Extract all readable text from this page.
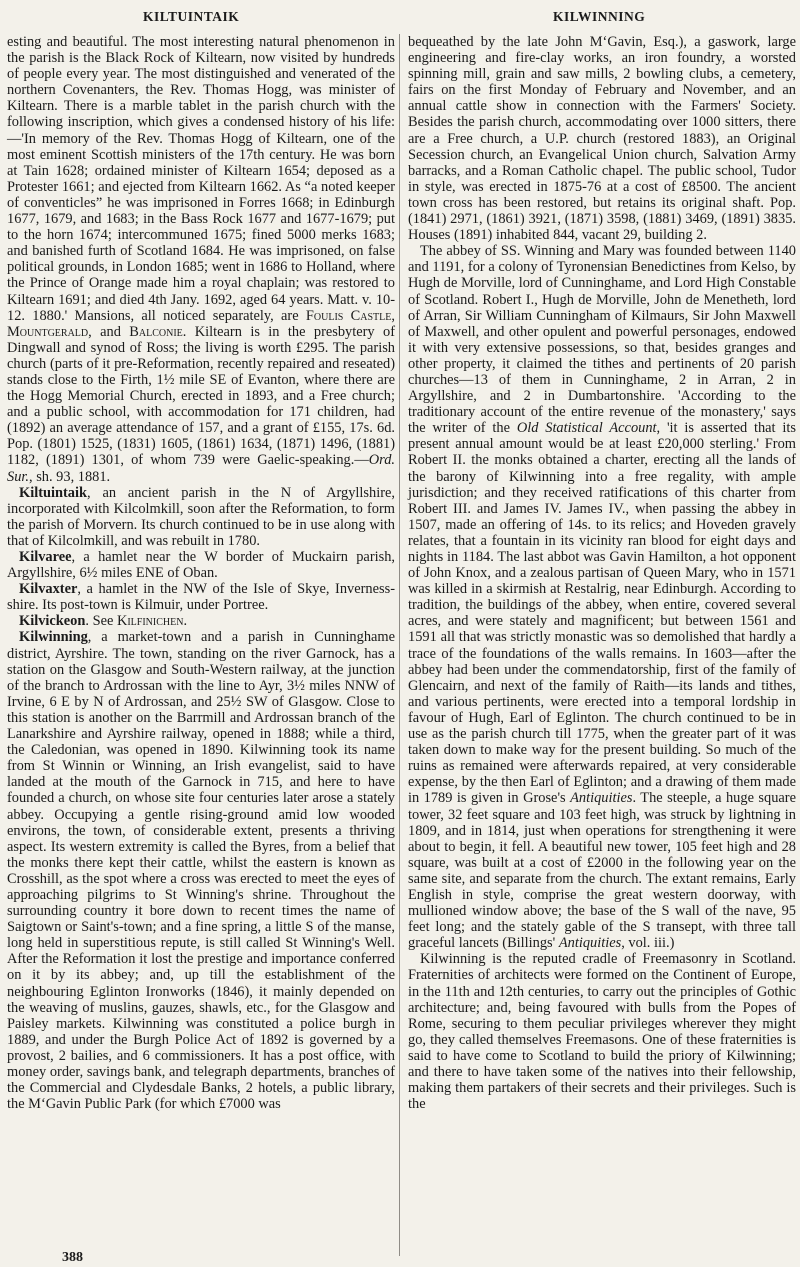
KILTUINTAIK	KILWINNING

esting and beautiful. The most interesting natural phenomenon in the parish is the Black Rock of Kiltearn, now visited by hundreds of people every year. The most distinguished and venerated of the northern Covenanters, the Rev. Thomas Hogg, was minister of Kiltearn. There is a marble tablet in the parish church with the following inscription, which gives a condensed history of his life:—'In memory of the Rev. Thomas Hogg of Kiltearn, one of the most eminent Scottish ministers of the 17th century. He was born at Tain 1628; ordained minister of Kiltearn 1654; deposed as a Protester 1661; and ejected from Kiltearn 1662. As “a noted keeper of conventicles” he was imprisoned in Forres 1668; in Edinburgh 1677, 1679, and 1683; in the Bass Rock 1677 and 1677-1679; put to the horn 1674; intercommuned 1675; fined 5000 merks 1683; and banished furth of Scotland 1684. He was imprisoned, on false political grounds, in London 1685; went in 1686 to Holland, where the Prince of Orange made him a royal chaplain; was restored to Kiltearn 1691; and died 4th Jany. 1692, aged 64 years. Matt. v. 10-12. 1880.' Mansions, all noticed separately, are Foulis Castle, Mountgerald, and Balconie. Kiltearn is in the presbytery of Dingwall and synod of Ross; the living is worth £295. The parish church (parts of it pre-Reformation, recently repaired and reseated) stands close to the Firth, 1½ mile SE of Evanton, where there are the Hogg Memorial Church, erected in 1893, and a Free church; and a public school, with accommodation for 171 children, had (1892) an average attendance of 157, and a grant of £155, 17s. 6d. Pop. (1801) 1525, (1831) 1605, (1861) 1634, (1871) 1496, (1881) 1182, (1891) 1301, of whom 739 were Gaelic-speaking.—Ord. Sur., sh. 93, 1881.

Kiltuintaik, an ancient parish in the N of Argyllshire, incorporated with Kilcolmkill, soon after the Reformation, to form the parish of Morvern. Its church continued to be in use along with that of Kilcolmkill, and was rebuilt in 1780.

Kilvaree, a hamlet near the W border of Muckairn parish, Argyllshire, 6½ miles ENE of Oban.

Kilvaxter, a hamlet in the NW of the Isle of Skye, Inverness-shire. Its post-town is Kilmuir, under Portree.

Kilvickeon. See Kilfinichen.

Kilwinning, a market-town and a parish in Cunninghame district, Ayrshire. The town, standing on the river Garnock, has a station on the Glasgow and South-Western railway, at the junction of the branch to Ardrossan with the line to Ayr, 3½ miles NNW of Irvine, 6 E by N of Ardrossan, and 25½ SW of Glasgow. Close to this station is another on the Barrmill and Ardrossan branch of the Lanarkshire and Ayrshire railway, opened in 1888; while a third, the Caledonian, was opened in 1890. Kilwinning took its name from St Winnin or Winning, an Irish evangelist, said to have landed at the mouth of the Garnock in 715, and here to have founded a church, on whose site four centuries later arose a stately abbey. Occupying a gentle rising-ground amid low wooded environs, the town, of considerable extent, presents a thriving aspect. Its western extremity is called the Byres, from a belief that the monks there kept their cattle, whilst the eastern is known as Crosshill, as the spot where a cross was erected to meet the eyes of approaching pilgrims to St Winning's shrine. Throughout the surrounding country it bore down to recent times the name of Saigtown or Saint's-town; and a fine spring, a little S of the manse, long held in superstitious repute, is still called St Winning's Well. After the Reformation it lost the prestige and importance conferred on it by its abbey; and, up till the establishment of the neighbouring Eglinton Ironworks (1846), it mainly depended on the weaving of muslins, gauzes, shawls, etc., for the Glasgow and Paisley markets. Kilwinning was constituted a police burgh in 1889, and under the Burgh Police Act of 1892 is governed by a provost, 2 bailies, and 6 commissioners. It has a post office, with money order, savings bank, and telegraph departments, branches of the Commercial and Clydesdale Banks, 2 hotels, a public library, the M‘Gavin Public Park (for which £7000 was

bequeathed by the late John M‘Gavin, Esq.), a gaswork, large engineering and fire-clay works, an iron foundry, a worsted spinning mill, grain and saw mills, 2 bowling clubs, a cemetery, fairs on the first Monday of February and November, and an annual cattle show in connection with the Farmers' Society. Besides the parish church, accommodating over 1000 sitters, there are a Free church, a U.P. church (restored 1883), an Original Secession church, an Evangelical Union church, Salvation Army barracks, and a Roman Catholic chapel. The public school, Tudor in style, was erected in 1875-76 at a cost of £8500. The ancient town cross has been restored, but retains its original shaft. Pop. (1841) 2971, (1861) 3921, (1871) 3598, (1881) 3469, (1891) 3835. Houses (1891) inhabited 844, vacant 29, building 2.

The abbey of SS. Winning and Mary was founded between 1140 and 1191, for a colony of Tyronensian Benedictines from Kelso, by Hugh de Morville, lord of Cunninghame, and Lord High Constable of Scotland. Robert I., Hugh de Morville, John de Menetheth, lord of Arran, Sir William Cunningham of Kilmaurs, Sir John Maxwell of Maxwell, and other opulent and powerful personages, endowed it with very extensive possessions, so that, besides granges and other property, it claimed the tithes and pertinents of 20 parish churches—13 of them in Cunninghame, 2 in Arran, 2 in Argyllshire, and 2 in Dumbartonshire. 'According to the traditionary account of the entire revenue of the monastery,' says the writer of the Old Statistical Account, 'it is asserted that its present annual amount would be at least £20,000 sterling.' From Robert II. the monks obtained a charter, erecting all the lands of the barony of Kilwinning into a free regality, with ample jurisdiction; and they received ratifications of this charter from Robert III. and James IV. James IV., when passing the abbey in 1507, made an offering of 14s. to its relics; and Hoveden gravely relates, that a fountain in its vicinity ran blood for eight days and nights in 1184. The last abbot was Gavin Hamilton, a hot opponent of John Knox, and a zealous partisan of Queen Mary, who in 1571 was killed in a skirmish at Restalrig, near Edinburgh. According to tradition, the buildings of the abbey, when entire, covered several acres, and were stately and magnificent; but between 1561 and 1591 all that was strictly monastic was so demolished that hardly a trace of the foundations of the walls remains. In 1603—after the abbey had been under the commendatorship, first of the family of Glencairn, and next of the family of Raith—its lands and tithes, and various pertinents, were erected into a temporal lordship in favour of Hugh, Earl of Eglinton. The church continued to be in use as the parish church till 1775, when the greater part of it was taken down to make way for the present building. So much of the ruins as remained were afterwards repaired, at very considerable expense, by the then Earl of Eglinton; and a drawing of them made in 1789 is given in Grose's Antiquities. The steeple, a huge square tower, 32 feet square and 103 feet high, was struck by lightning in 1809, and in 1814, just when operations for strengthening it were about to begin, it fell. A beautiful new tower, 105 feet high and 28 square, was built at a cost of £2000 in the following year on the same site, and separate from the church. The extant remains, Early English in style, comprise the great western doorway, with mullioned window above; the base of the S wall of the nave, 95 feet long; and the stately gable of the S transept, with three tall graceful lancets (Billings' Antiquities, vol. iii.)

Kilwinning is the reputed cradle of Freemasonry in Scotland. Fraternities of architects were formed on the Continent of Europe, in the 11th and 12th centuries, to carry out the principles of Gothic architecture; and, being favoured with bulls from the Popes of Rome, securing to them peculiar privileges wherever they might go, they called themselves Freemasons. One of these fraternities is said to have come to Scotland to build the priory of Kilwinning; and there to have taken some of the natives into their fellowship, making them partakers of their secrets and their privileges. Such is the

388
